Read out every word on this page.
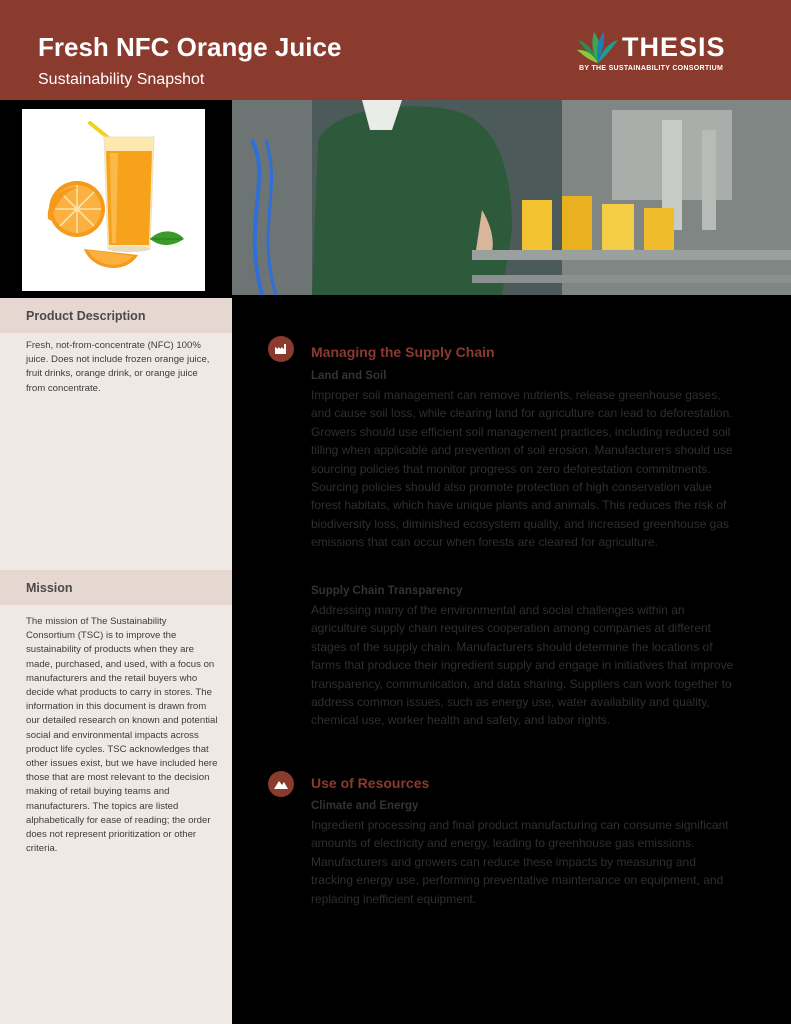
Fresh NFC Orange Juice
Sustainability Snapshot
THESIS
BY THE SUSTAINABILITY CONSORTIUM
Product Description
Fresh, not-from-concentrate (NFC) 100% juice. Does not include frozen orange juice, fruit drinks, orange drink, or orange juice from concentrate.
Mission
The mission of The Sustainability Consortium (TSC) is to improve the sustainability of products when they are made, purchased, and used, with a focus on manufacturers and the retail buyers who decide what products to carry in stores. The information in this document is drawn from our detailed research on known and potential social and environmental impacts across product life cycles. TSC acknowledges that other issues exist, but we have included here those that are most relevant to the decision making of retail buying teams and manufacturers. The topics are listed alphabetically for ease of reading; the order does not represent prioritization or other criteria.
Managing the Supply Chain
Land and Soil
Improper soil management can remove nutrients, release greenhouse gases, and cause soil loss, while clearing land for agriculture can lead to deforestation. Growers should use efficient soil management practices, including reduced soil tilling when applicable and prevention of soil erosion. Manufacturers should use sourcing policies that monitor progress on zero deforestation commitments. Sourcing policies should also promote protection of high conservation value forest habitats, which have unique plants and animals. This reduces the risk of biodiversity loss, diminished ecosystem quality, and increased greenhouse gas emissions that can occur when forests are cleared for agriculture.
Supply Chain Transparency
Addressing many of the environmental and social challenges within an agriculture supply chain requires cooperation among companies at different stages of the supply chain. Manufacturers should determine the locations of farms that produce their ingredient supply and engage in initiatives that improve transparency, communication, and data sharing. Suppliers can work together to address common issues, such as energy use, water availability and quality, chemical use, worker health and safety, and labor rights.
Use of Resources
Climate and Energy
Ingredient processing and final product manufacturing can consume significant amounts of electricity and energy, leading to greenhouse gas emissions. Manufacturers and growers can reduce these impacts by measuring and tracking energy use, performing preventative maintenance on equipment, and replacing inefficient equipment.
